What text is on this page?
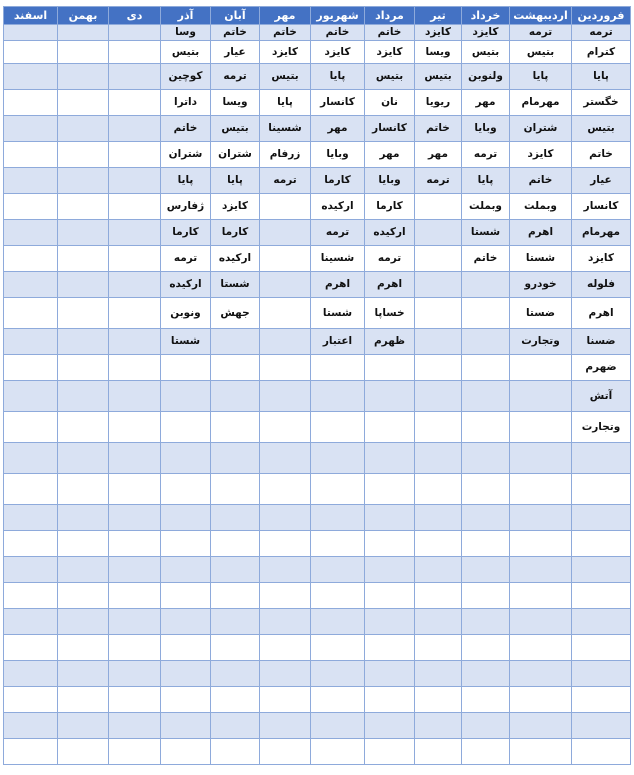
فروردین	اردیبهشت	خرداد	تیر	مرداد	شهریور	مهر	آبان	آذر	دی	بهمن	اسفند
ترمه	ترمه	کایزد	کایزد	خاتم	خاتم	خاتم	خاتم	وسا			
کترام	بتیس	بتیس	ویسا	کایزد	کایزد	کایزد	عیار	بتیس			
پایا	پایا	ولنوبن	بتیس	بتیس	پایا	بتیس	ترمه	کوچین			
خگستر	مهرمام	مهر	ریویا	نان	کانسار	پایا	ویسا	داترا			
بتیس	شتران	وبایا	خاتم	کانسار	مهر	شسینا	بتیس	خاتم			
خاتم	کایزد	ترمه	مهر	مهر	وبایا	زرفام	شتران	شتران			
عیار	خاتم	پایا	ترمه	وبایا	کارما	ترمه	پایا	پایا			
کانسار	وبملت	وبملت		کارما	ارکیده		کایزد	ژفارس			
مهرمام	اهرم	شستا		ارکیده	ترمه		کارما	کارما			
کایزد	شستا	خاتم		ترمه	شسینا		ارکیده	ترمه			
فلوله	خودرو			اهرم	اهرم		شستا	ارکیده			
اهرم	ضستا			خساپا	شستا		جهش	ونوبن			
ضسنا	وتجارت			ظهرم	اعتبار			شستا			
ضهرم											
آتش											
وتجارت											
